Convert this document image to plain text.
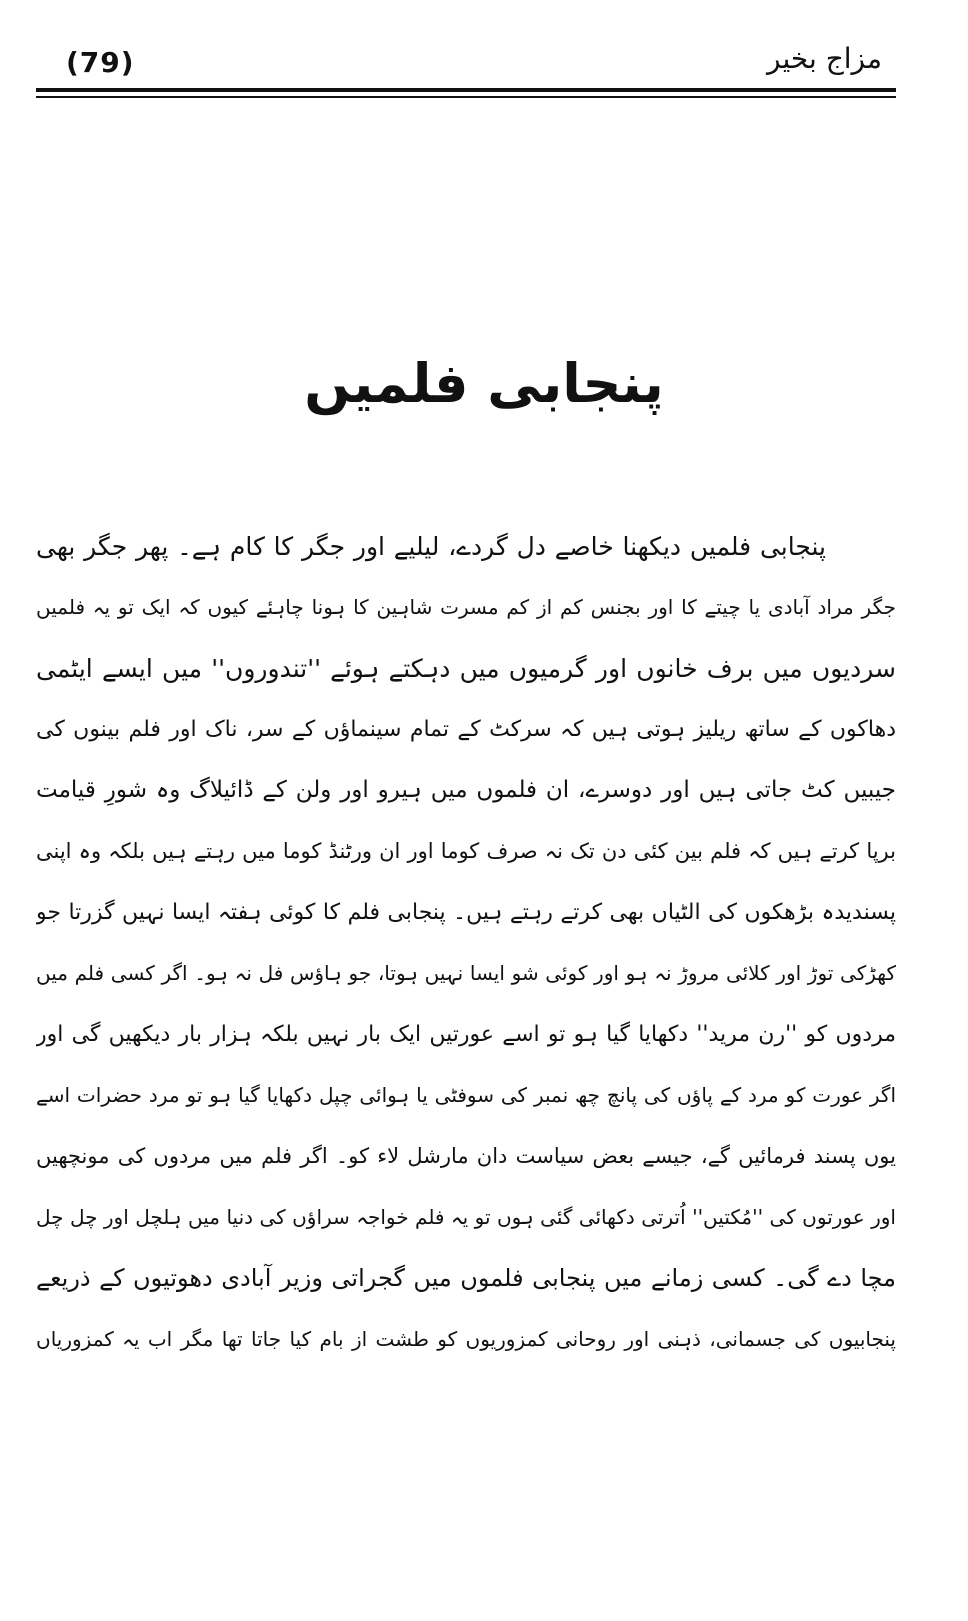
(79)	مزاج بخیر
پنجابی فلمیں
پنجابی فلمیں دیکھنا خاصے دل گردے، لیلیے اور جگر کا کام ہے۔ پھر جگر بھی
جگر مراد آبادی یا چیتے کا اور بجنس کم از کم مسرت شاہین کا ہونا چاہئے کیوں کہ ایک تو یہ فلمیں
سردیوں میں برف خانوں اور گرمیوں میں دہکتے ہوئے ''تندوروں'' میں ایسے ایٹمی
دھاکوں کے ساتھ ریلیز ہوتی ہیں کہ سرکٹ کے تمام سینماؤں کے سر، ناک اور فلم بینوں کی
جیبیں کٹ جاتی ہیں اور دوسرے، ان فلموں میں ہیرو اور ولن کے ڈائیلاگ وہ شورِ قیامت
برپا کرتے ہیں کہ فلم بین کئی دن تک نہ صرف کوما اور ان ورٹنڈ کوما میں رہتے ہیں بلکہ وہ اپنی
پسندیدہ بڑھکوں کی الٹیاں بھی کرتے رہتے ہیں۔ پنجابی فلم کا کوئی ہفتہ ایسا نہیں گزرتا جو
کھڑکی توڑ اور کلائی مروڑ نہ ہو اور کوئی شو ایسا نہیں ہوتا، جو ہاؤس فل نہ ہو۔ اگر کسی فلم میں
مردوں کو ''رن مرید'' دکھایا گیا ہو تو اسے عورتیں ایک بار نہیں بلکہ ہزار بار دیکھیں گی اور
اگر عورت کو مرد کے پاؤں کی پانچ چھ نمبر کی سوفٹی یا ہوائی چپل دکھایا گیا ہو تو مرد حضرات اسے
یوں پسند فرمائیں گے، جیسے بعض سیاست دان مارشل لاء کو۔ اگر فلم میں مردوں کی مونچھیں
اور عورتوں کی ''مُکتیں'' اُترتی دکھائی گئی ہوں تو یہ فلم خواجہ سراؤں کی دنیا میں ہلچل اور چل چل
مچا دے گی۔ کسی زمانے میں پنجابی فلموں میں گجراتی وزیر آبادی دھوتیوں کے ذریعے
پنجابیوں کی جسمانی، ذہنی اور روحانی کمزوریوں کو طشت از بام کیا جاتا تھا مگر اب یہ کمزوریاں
